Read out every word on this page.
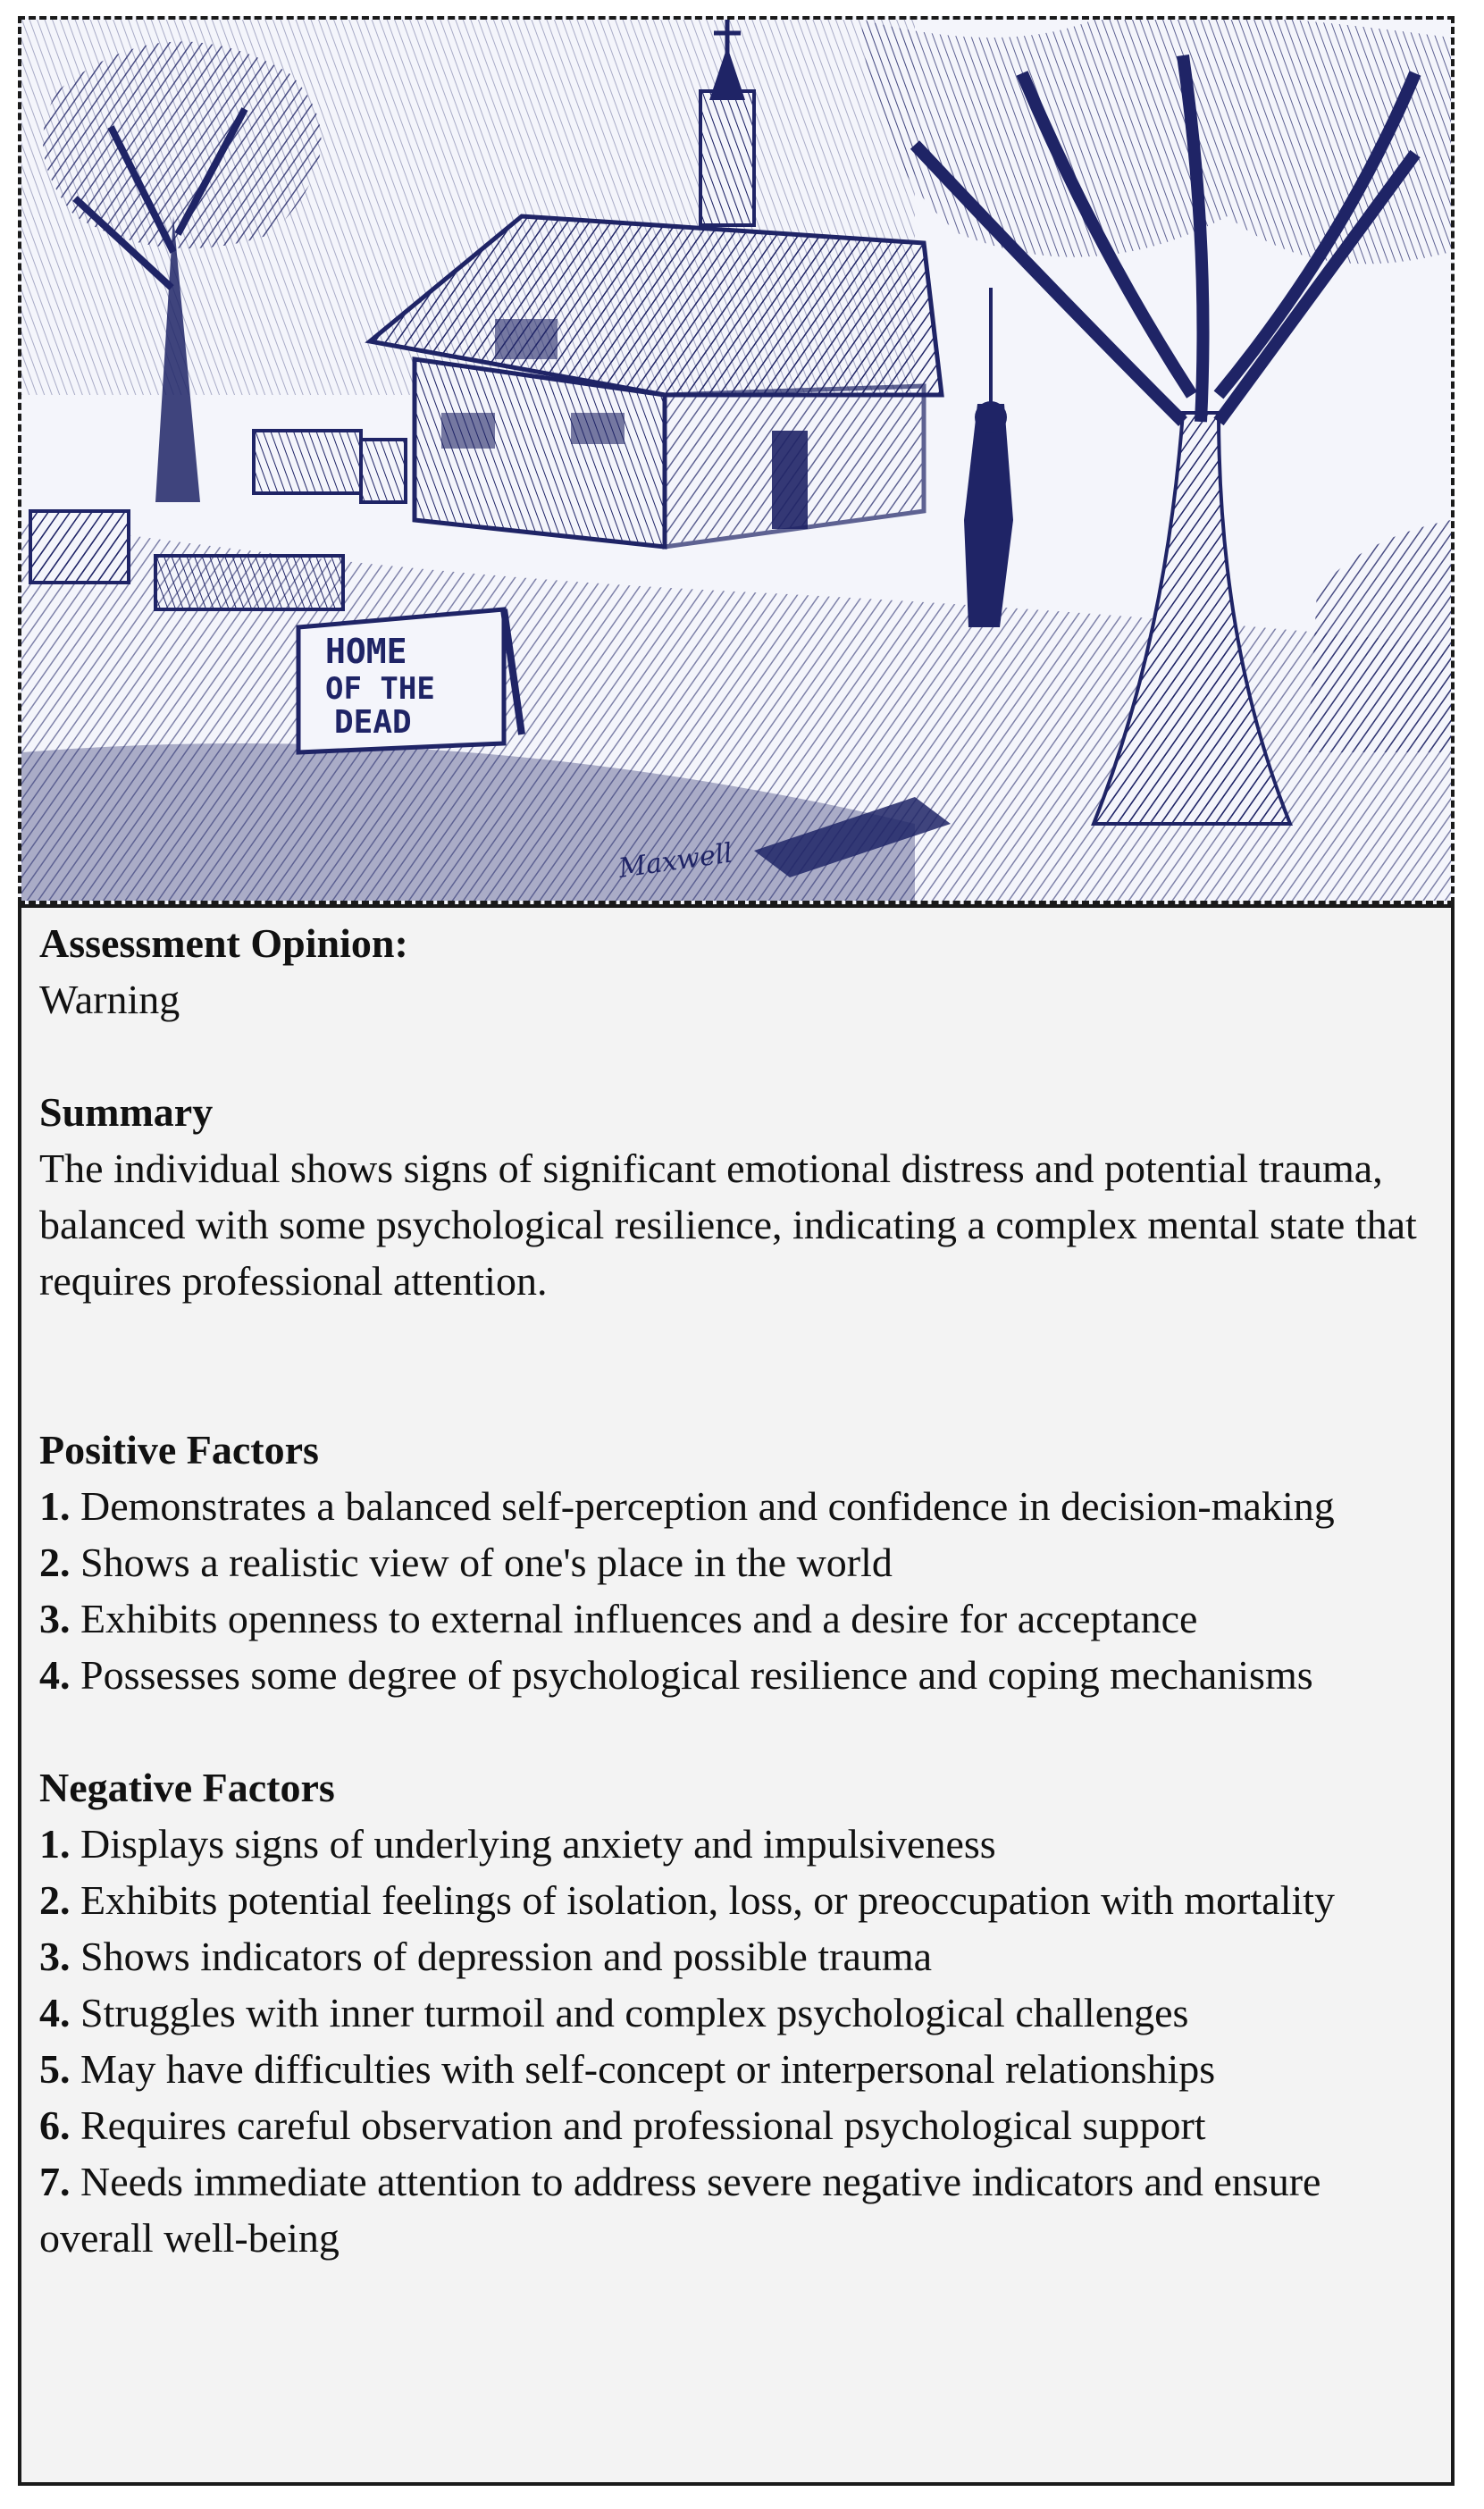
HOME
OF THE
DEAD
Maxwell

Assessment Opinion:

Warning

Summary

The individual shows signs of significant emotional distress and potential trauma, balanced with some psychological resilience, indicating a complex mental state that requires professional attention.

Positive Factors

1. Demonstrates a balanced self-perception and confidence in decision-making

2. Shows a realistic view of one's place in the world

3. Exhibits openness to external influences and a desire for acceptance

4. Possesses some degree of psychological resilience and coping mechanisms

Negative Factors

1. Displays signs of underlying anxiety and impulsiveness

2. Exhibits potential feelings of isolation, loss, or preoccupation with mortality

3. Shows indicators of depression and possible trauma

4. Struggles with inner turmoil and complex psychological challenges

5. May have difficulties with self-concept or interpersonal relationships

6. Requires careful observation and professional psychological support

7. Needs immediate attention to address severe negative indicators and ensure overall well-being
